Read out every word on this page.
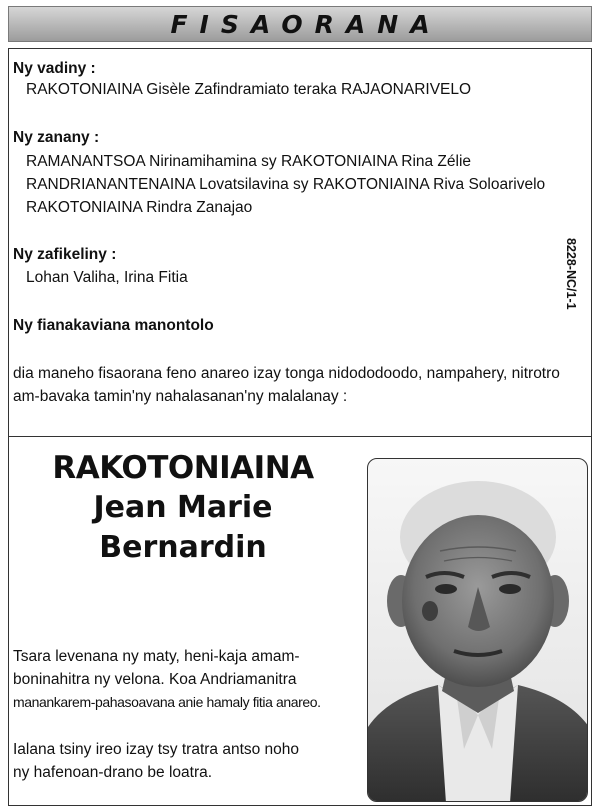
FISAORANA
Ny vadiny :
RAKOTONIAINA Gisèle Zafindramiato teraka RAJAONARIVELO
Ny zanany :
RAMANANTSOA Nirinamihamina sy RAKOTONIAINA Rina Zélie
RANDRIANANTENAINA Lovatsilavina sy RAKOTONIAINA Riva Soloarivelo
RAKOTONIAINA Rindra Zanajao
Ny zafikeliny :
Lohan Valiha, Irina Fitia
Ny fianakaviana manontolo
8228-NC/1-1
dia maneho fisaorana feno anareo izay tonga nidododoodo, nampahery, nitrotro
am-bavaka tamin'ny nahalasanan'ny malalanay :
RAKOTONIAINA
Jean Marie
Bernardin
Tsara levenana ny maty, heni-kaja amam-
boninahitra ny velona. Koa Andriamanitra
manankarem-pahasoavana anie hamaly fitia anareo.
Ialana tsiny ireo izay tsy tratra antso noho
ny hafenoan-drano be loatra.
